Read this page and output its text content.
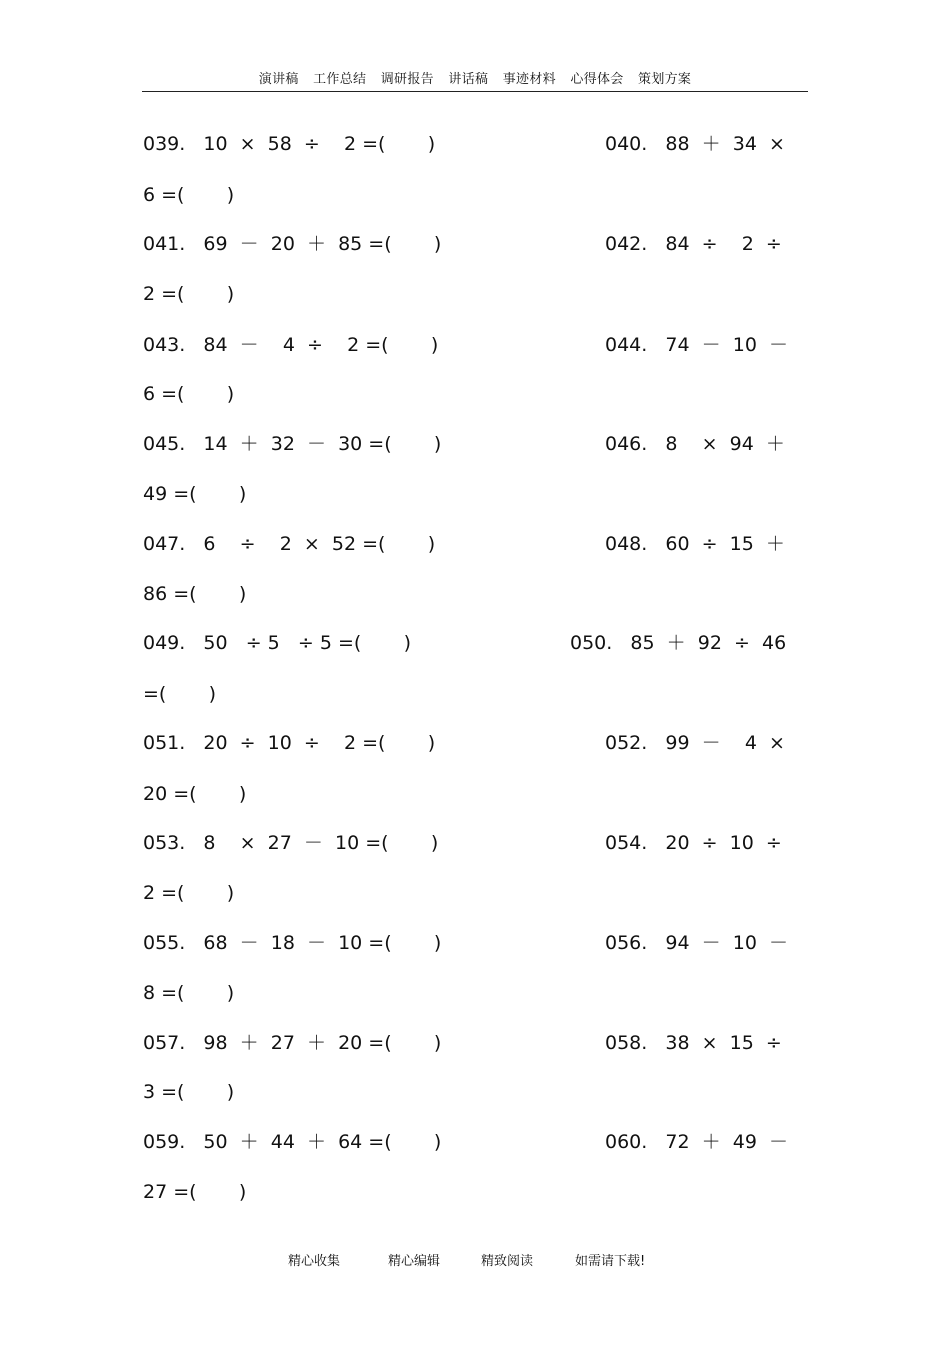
演讲稿 工作总结 调研报告 讲话稿 事迹材料 心得体会 策划方案
039.   10  ×  58  ÷    2 =(       )	040.   88  ＋  34  ×
6 =(       )
041.   69  －  20  ＋  85 =(       )	042.   84  ÷    2  ÷
2 =(       )
043.   84  －    4  ÷    2 =(       )	044.   74  －  10  －
6 =(       )
045.   14  ＋  32  －  30 =(       )	046.   8    ×  94  ＋
49 =(       )
047.   6    ÷    2  ×  52 =(       )	048.   60  ÷  15  ＋
86 =(       )
049.   50   ÷ 5   ÷ 5 =(       )	050.   85  ＋  92  ÷  46
=(       )
051.   20  ÷  10  ÷    2 =(       )	052.   99  －    4  ×
20 =(       )
053.   8    ×  27  －  10 =(       )	054.   20  ÷  10  ÷
2 =(       )
055.   68  －  18  －  10 =(       )	056.   94  －  10  －
8 =(       )
057.   98  ＋  27  ＋  20 =(       )	058.   38  ×  15  ÷
3 =(       )
059.   50  ＋  44  ＋  64 =(       )	060.   72  ＋  49  －
27 =(       )
精心收集	精心编辑	精致阅读	如需请下载!
